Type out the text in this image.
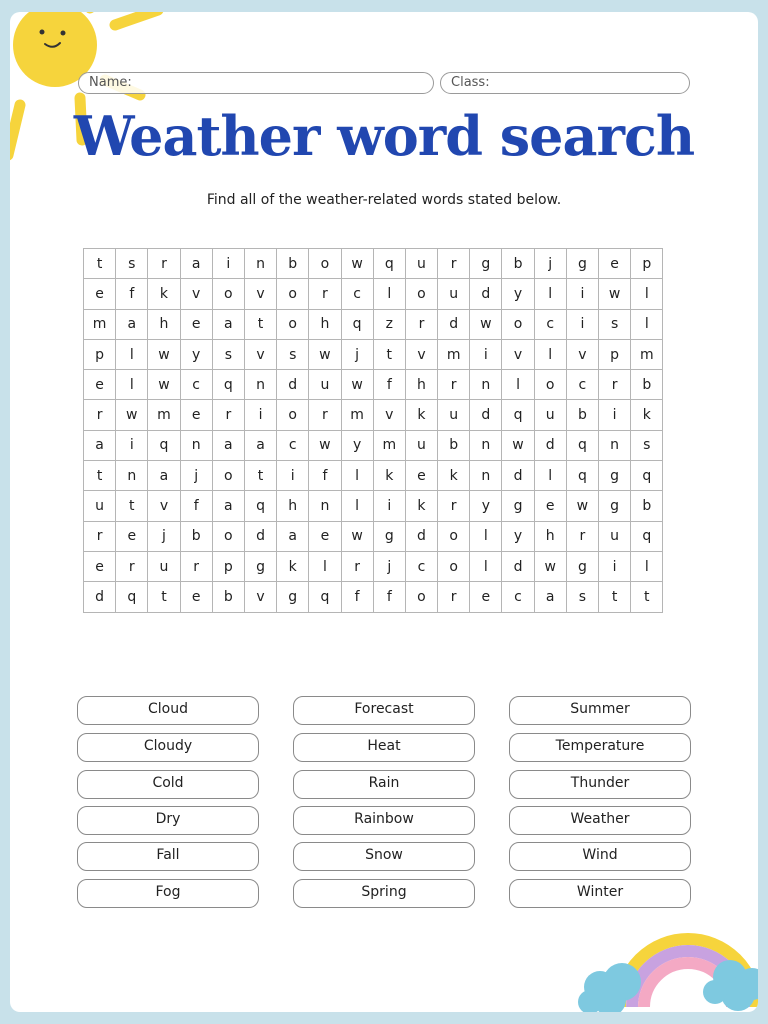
Name:	Class:
Weather word search
Find all of the weather-related words stated below.
t	s	r	a	i	n	b	o	w	q	u	r	g	b	j	g	e	p
e	f	k	v	o	v	o	r	c	l	o	u	d	y	l	i	w	l
m	a	h	e	a	t	o	h	q	z	r	d	w	o	c	i	s	l
p	l	w	y	s	v	s	w	j	t	v	m	i	v	l	v	p	m
e	l	w	c	q	n	d	u	w	f	h	r	n	l	o	c	r	b
r	w	m	e	r	i	o	r	m	v	k	u	d	q	u	b	i	k
a	i	q	n	a	a	c	w	y	m	u	b	n	w	d	q	n	s
t	n	a	j	o	t	i	f	l	k	e	k	n	d	l	q	g	q
u	t	v	f	a	q	h	n	l	i	k	r	y	g	e	w	g	b
r	e	j	b	o	d	a	e	w	g	d	o	l	y	h	r	u	q
e	r	u	r	p	g	k	l	r	j	c	o	l	d	w	g	i	l
d	q	t	e	b	v	g	q	f	f	o	r	e	c	a	s	t	t
Cloud
Cloudy
Cold
Dry
Fall
Fog
Forecast
Heat
Rain
Rainbow
Snow
Spring
Summer
Temperature
Thunder
Weather
Wind
Winter
